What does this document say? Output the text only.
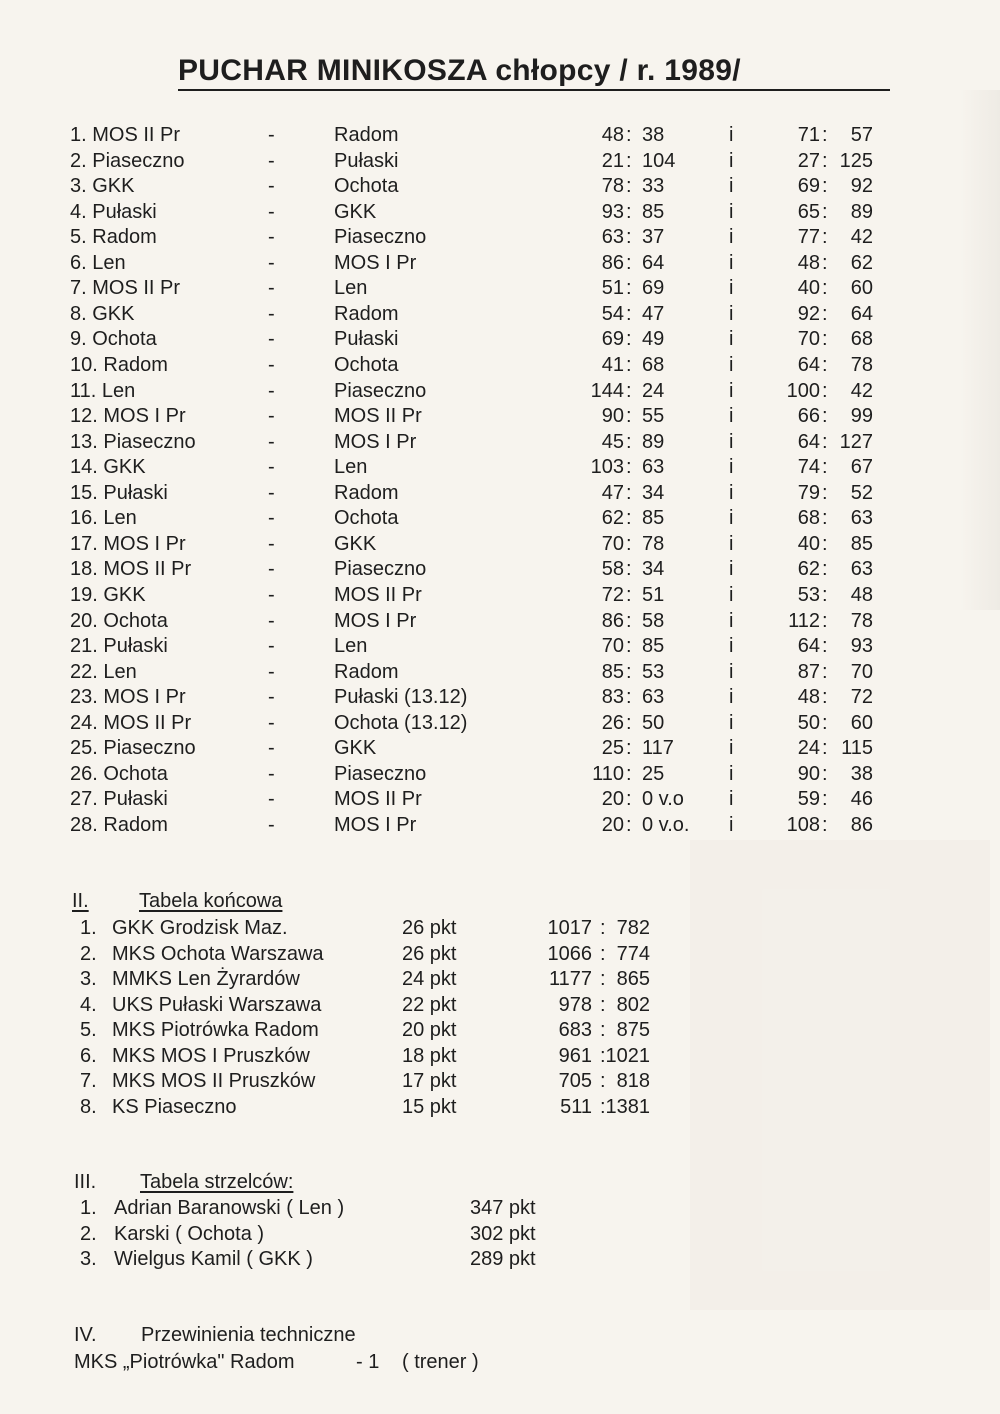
PUCHAR MINIKOSZA chłopcy / r. 1989/
1. MOS II Pr	-	Radom	48 : 38	i	71 : 57
2. Piaseczno	-	Pułaski	21 : 104	i	27 : 125
3. GKK	-	Ochota	78 : 33	i	69 : 92
4. Pułaski	-	GKK	93 : 85	i	65 : 89
5. Radom	-	Piaseczno	63 : 37	i	77 : 42
6. Len	-	MOS I Pr	86 : 64	i	48 : 62
7. MOS II Pr	-	Len	51 : 69	i	40 : 60
8. GKK	-	Radom	54 : 47	i	92 : 64
9. Ochota	-	Pułaski	69 : 49	i	70 : 68
10. Radom	-	Ochota	41 : 68	i	64 : 78
11. Len	-	Piaseczno	144 : 24	i	100 : 42
12. MOS I Pr	-	MOS II Pr	90 : 55	i	66 : 99
13. Piaseczno	-	MOS I Pr	45 : 89	i	64 : 127
14. GKK	-	Len	103 : 63	i	74 : 67
15. Pułaski	-	Radom	47 : 34	i	79 : 52
16. Len	-	Ochota	62 : 85	i	68 : 63
17. MOS I Pr	-	GKK	70 : 78	i	40 : 85
18. MOS II Pr	-	Piaseczno	58 : 34	i	62 : 63
19. GKK	-	MOS II Pr	72 : 51	i	53 : 48
20. Ochota	-	MOS I Pr	86 : 58	i	112 : 78
21. Pułaski	-	Len	70 : 85	i	64 : 93
22. Len	-	Radom	85 : 53	i	87 : 70
23. MOS I Pr	-	Pułaski (13.12)	83 : 63	i	48 : 72
24. MOS II Pr	-	Ochota (13.12)	26 : 50	i	50 : 60
25. Piaseczno	-	GKK	25 : 117	i	24 : 115
26. Ochota	-	Piaseczno	110 : 25	i	90 : 38
27. Pułaski	-	MOS II Pr	20 : 0 v.o i	59 : 46
28. Radom	-	MOS I Pr	20 : 0 v.o. i	108 : 86
II.	Tabela końcowa
1. GKK Grodzisk Maz.	26 pkt	1017 : 782
2. MKS Ochota Warszawa	26 pkt	1066 : 774
3. MMKS Len Żyrardów	24 pkt	1177 : 865
4. UKS Pułaski Warszawa	22 pkt	978 : 802
5. MKS Piotrówka Radom	20 pkt	683 : 875
6. MKS MOS I Pruszków	18 pkt	961 : 1021
7. MKS MOS II Pruszków	17 pkt	705 : 818
8. KS Piaseczno	15 pkt	511 : 1381
III. Tabela strzelców:
1. Adrian Baranowski ( Len )	347 pkt
2. Karski ( Ochota )	302 pkt
3. Wielgus Kamil ( GKK )	289 pkt
IV. Przewinienia techniczne
MKS „Piotrówka" Radom	- 1 ( trener )
